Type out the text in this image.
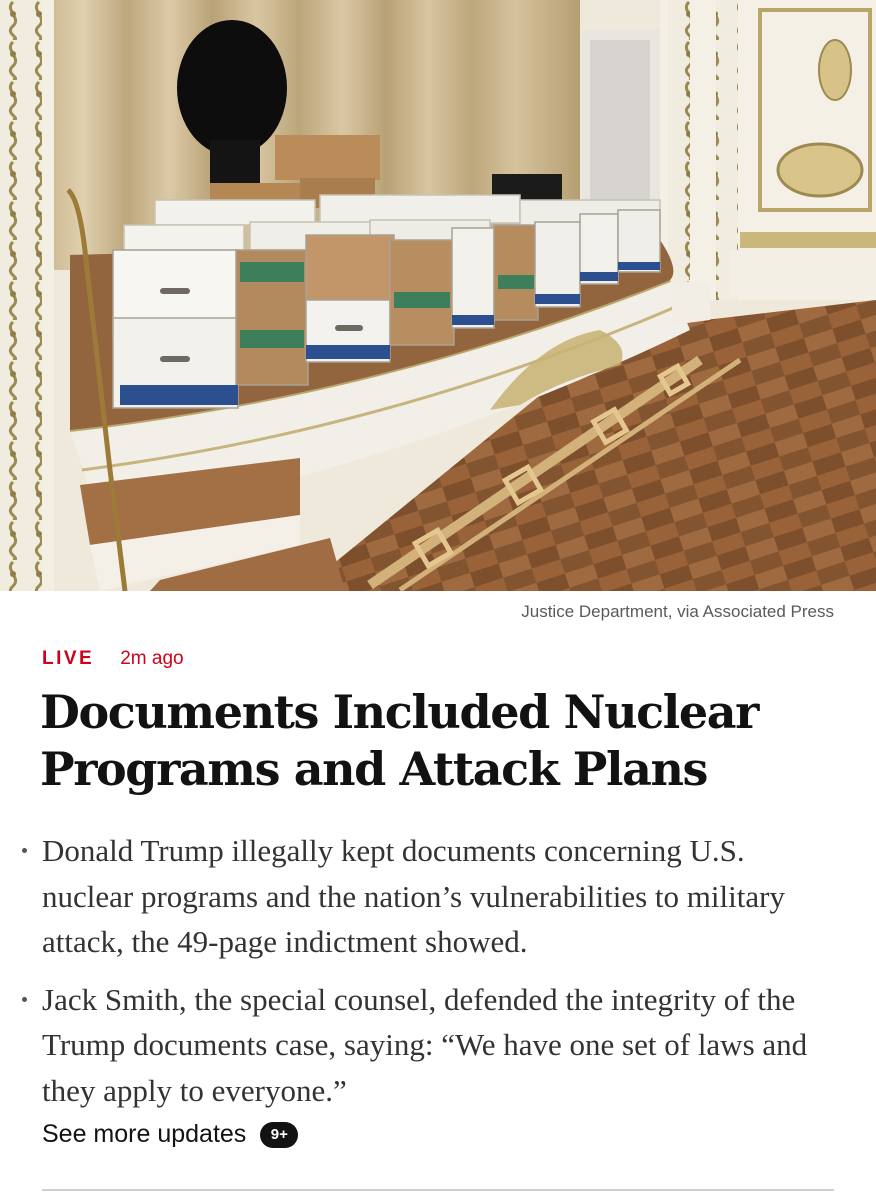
Justice Department, via Associated Press
LIVE 2m ago
Documents Included Nuclear Programs and Attack Plans
Donald Trump illegally kept documents concerning U.S. nuclear programs and the nation’s vulnerabilities to military attack, the 49-page indictment showed.
Jack Smith, the special counsel, defended the integrity of the Trump documents case, saying: “We have one set of laws and they apply to everyone.”
See more updates	9+
